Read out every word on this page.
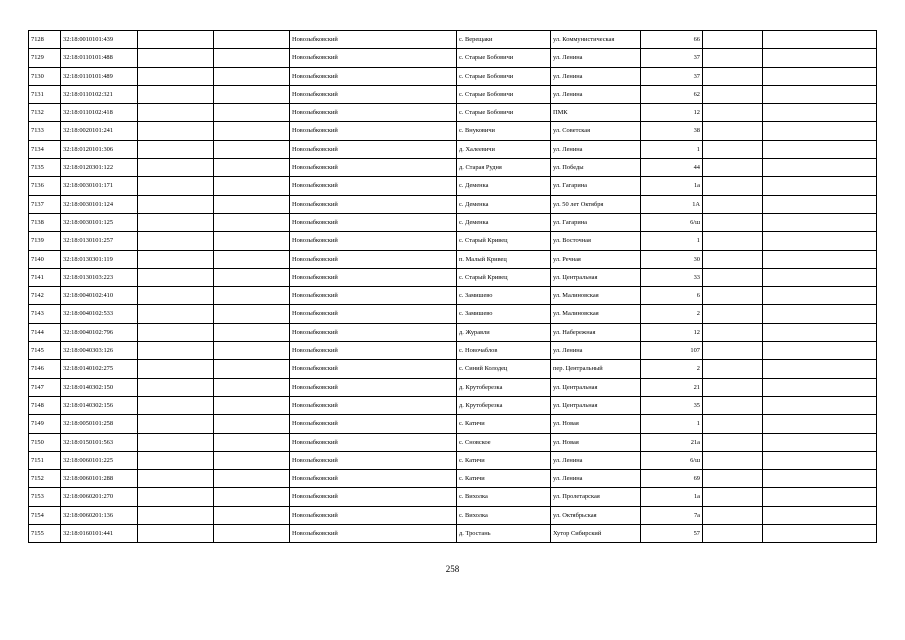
7128	32:18:0010101:439			Новозыбковский		с. Верещаки	ул. Коммунистическая	66		
7129	32:18:0110101:488			Новозыбковский		с. Старые Бобовичи	ул. Ленина	37		
7130	32:18:0110101:489			Новозыбковский		с. Старые Бобовичи	ул. Ленина	37		
7131	32:18:0110102:321			Новозыбковский		с. Старые Бобовичи	ул. Ленина	62		
7132	32:18:0110102:418			Новозыбковский		с. Старые Бобовичи	ПМК	12		
7133	32:18:0020101:241			Новозыбковский		с. Внуковичи	ул. Советская	38		
7134	32:18:0120101:306			Новозыбковский		д. Халеевичи	ул. Ленина	1		
7135	32:18:0120301:122			Новозыбковский		д. Старая Рудня	ул. Победы	44		
7136	32:18:0030101:171			Новозыбковский		с. Деменка	ул. Гагарина	1а		
7137	32:18:0030101:124			Новозыбковский		с. Деменка	ул. 50 лет Октября	1А		
7138	32:18:0030101:125			Новозыбковский		с. Деменка	ул. Гагарина	6/ш		
7139	32:18:0130101:257			Новозыбковский		с. Старый Кривец	ул. Восточная	1		
7140	32:18:0130301:119			Новозыбковский		п. Малый Кривец	ул. Речная	30		
7141	32:18:0130103:223			Новозыбковский		с. Старый Кривец	ул. Центральная	33		
7142	32:18:0040102:410			Новозыбковский		с. Замишево	ул. Малиновская	6		
7143	32:18:0040102:533			Новозыбковский		с. Замишево	ул. Малиновская	2		
7144	32:18:0040102:796			Новозыбковский		д. Журавли	ул. Набережная	12		
7145	32:18:0040303:126			Новозыбковский		с. Новочаблов	ул. Ленина	107		
7146	32:18:0140102:275			Новозыбковский		с. Синий Колодец	пер. Центральный	2		
7147	32:18:0140302:150			Новозыбковский		д. Крутоберезка	ул. Центральная	21		
7148	32:18:0140302:156			Новозыбковский		д. Крутоберезка	ул. Центральная	35		
7149	32:18:0050101:258			Новозыбковский		с. Катичи	ул. Новая	1		
7150	32:18:0150101:563			Новозыбковский		с. Сновское	ул. Новая	21а		
7151	32:18:0060101:225			Новозыбковский		с. Катичи	ул. Ленина	6/ш		
7152	32:18:0060101:288			Новозыбковский		с. Катичи	ул. Ленина	69		
7153	32:18:0060201:270			Новозыбковский		с. Вихолка	ул. Пролетарская	1а		
7154	32:18:0060201:136			Новозыбковский		с. Вихолка	ул. Октябрьская	7а		
7155	32:18:0160101:441			Новозыбковский		д. Тростань	Хутор Сибирский	57		
258
